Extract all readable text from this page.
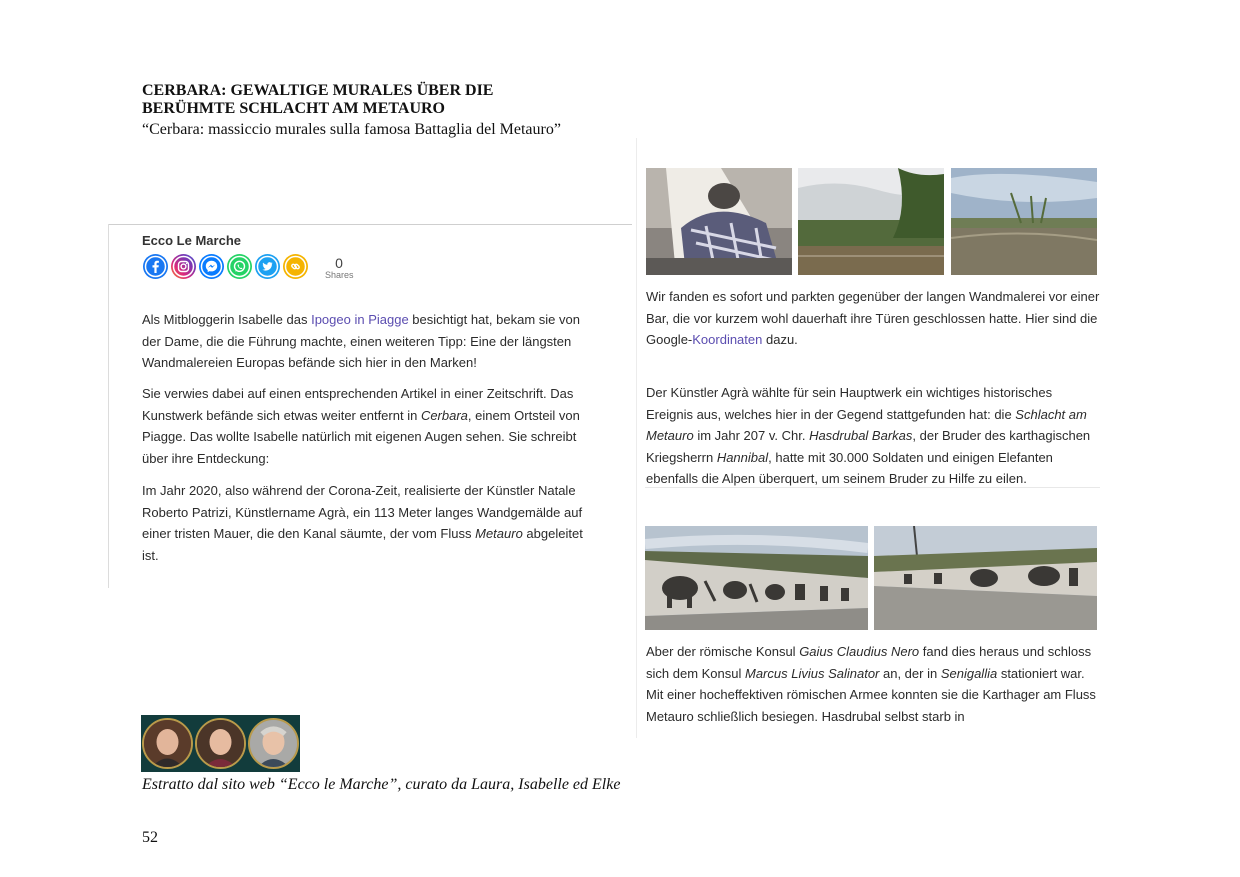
CERBARA: GEWALTIGE MURALES ÜBER DIE BERÜHMTE SCHLACHT AM METAURO
“Cerbara: massiccio murales sulla famosa Battaglia del Metauro”
Ecco Le Marche
0
Shares
Als Mitbloggerin Isabelle das Ipogeo in Piagge besichtigt hat, bekam sie von der Dame, die die Führung machte, einen weiteren Tipp: Eine der längsten Wandmalereien Europas befände sich hier in den Marken!
Sie verwies dabei auf einen entsprechenden Artikel in einer Zeitschrift. Das Kunstwerk befände sich etwas weiter entfernt in Cerbara, einem Ortsteil von Piagge. Das wollte Isabelle natürlich mit eigenen Augen sehen. Sie schreibt über ihre Entdeckung:
Im Jahr 2020, also während der Corona-Zeit, realisierte der Künstler Natale Roberto Patrizi, Künstlername Agrà, ein 113 Meter langes Wandgemälde auf einer tristen Mauer, die den Kanal säumte, der vom Fluss Metauro abgeleitet ist.
Wir fanden es sofort und parkten gegenüber der langen Wandmalerei vor einer Bar, die vor kurzem wohl dauerhaft ihre Türen geschlossen hatte. Hier sind die Google-Koordinaten dazu.
Der Künstler Agrà wählte für sein Hauptwerk ein wichtiges historisches Ereignis aus, welches hier in der Gegend stattgefunden hat: die Schlacht am Metauro im Jahr 207 v. Chr. Hasdrubal Barkas, der Bruder des karthagischen Kriegsherrn Hannibal, hatte mit 30.000 Soldaten und einigen Elefanten ebenfalls die Alpen überquert, um seinem Bruder zu Hilfe zu eilen.
Aber der römische Konsul Gaius Claudius Nero fand dies heraus und schloss sich dem Konsul Marcus Livius Salinator an, der in Senigallia stationiert war. Mit einer hocheffektiven römischen Armee konnten sie die Karthager am Fluss Metauro schließlich besiegen. Hasdrubal selbst starb in
Estratto dal sito web “Ecco le Marche”, curato da Laura, Isabelle ed Elke
52
